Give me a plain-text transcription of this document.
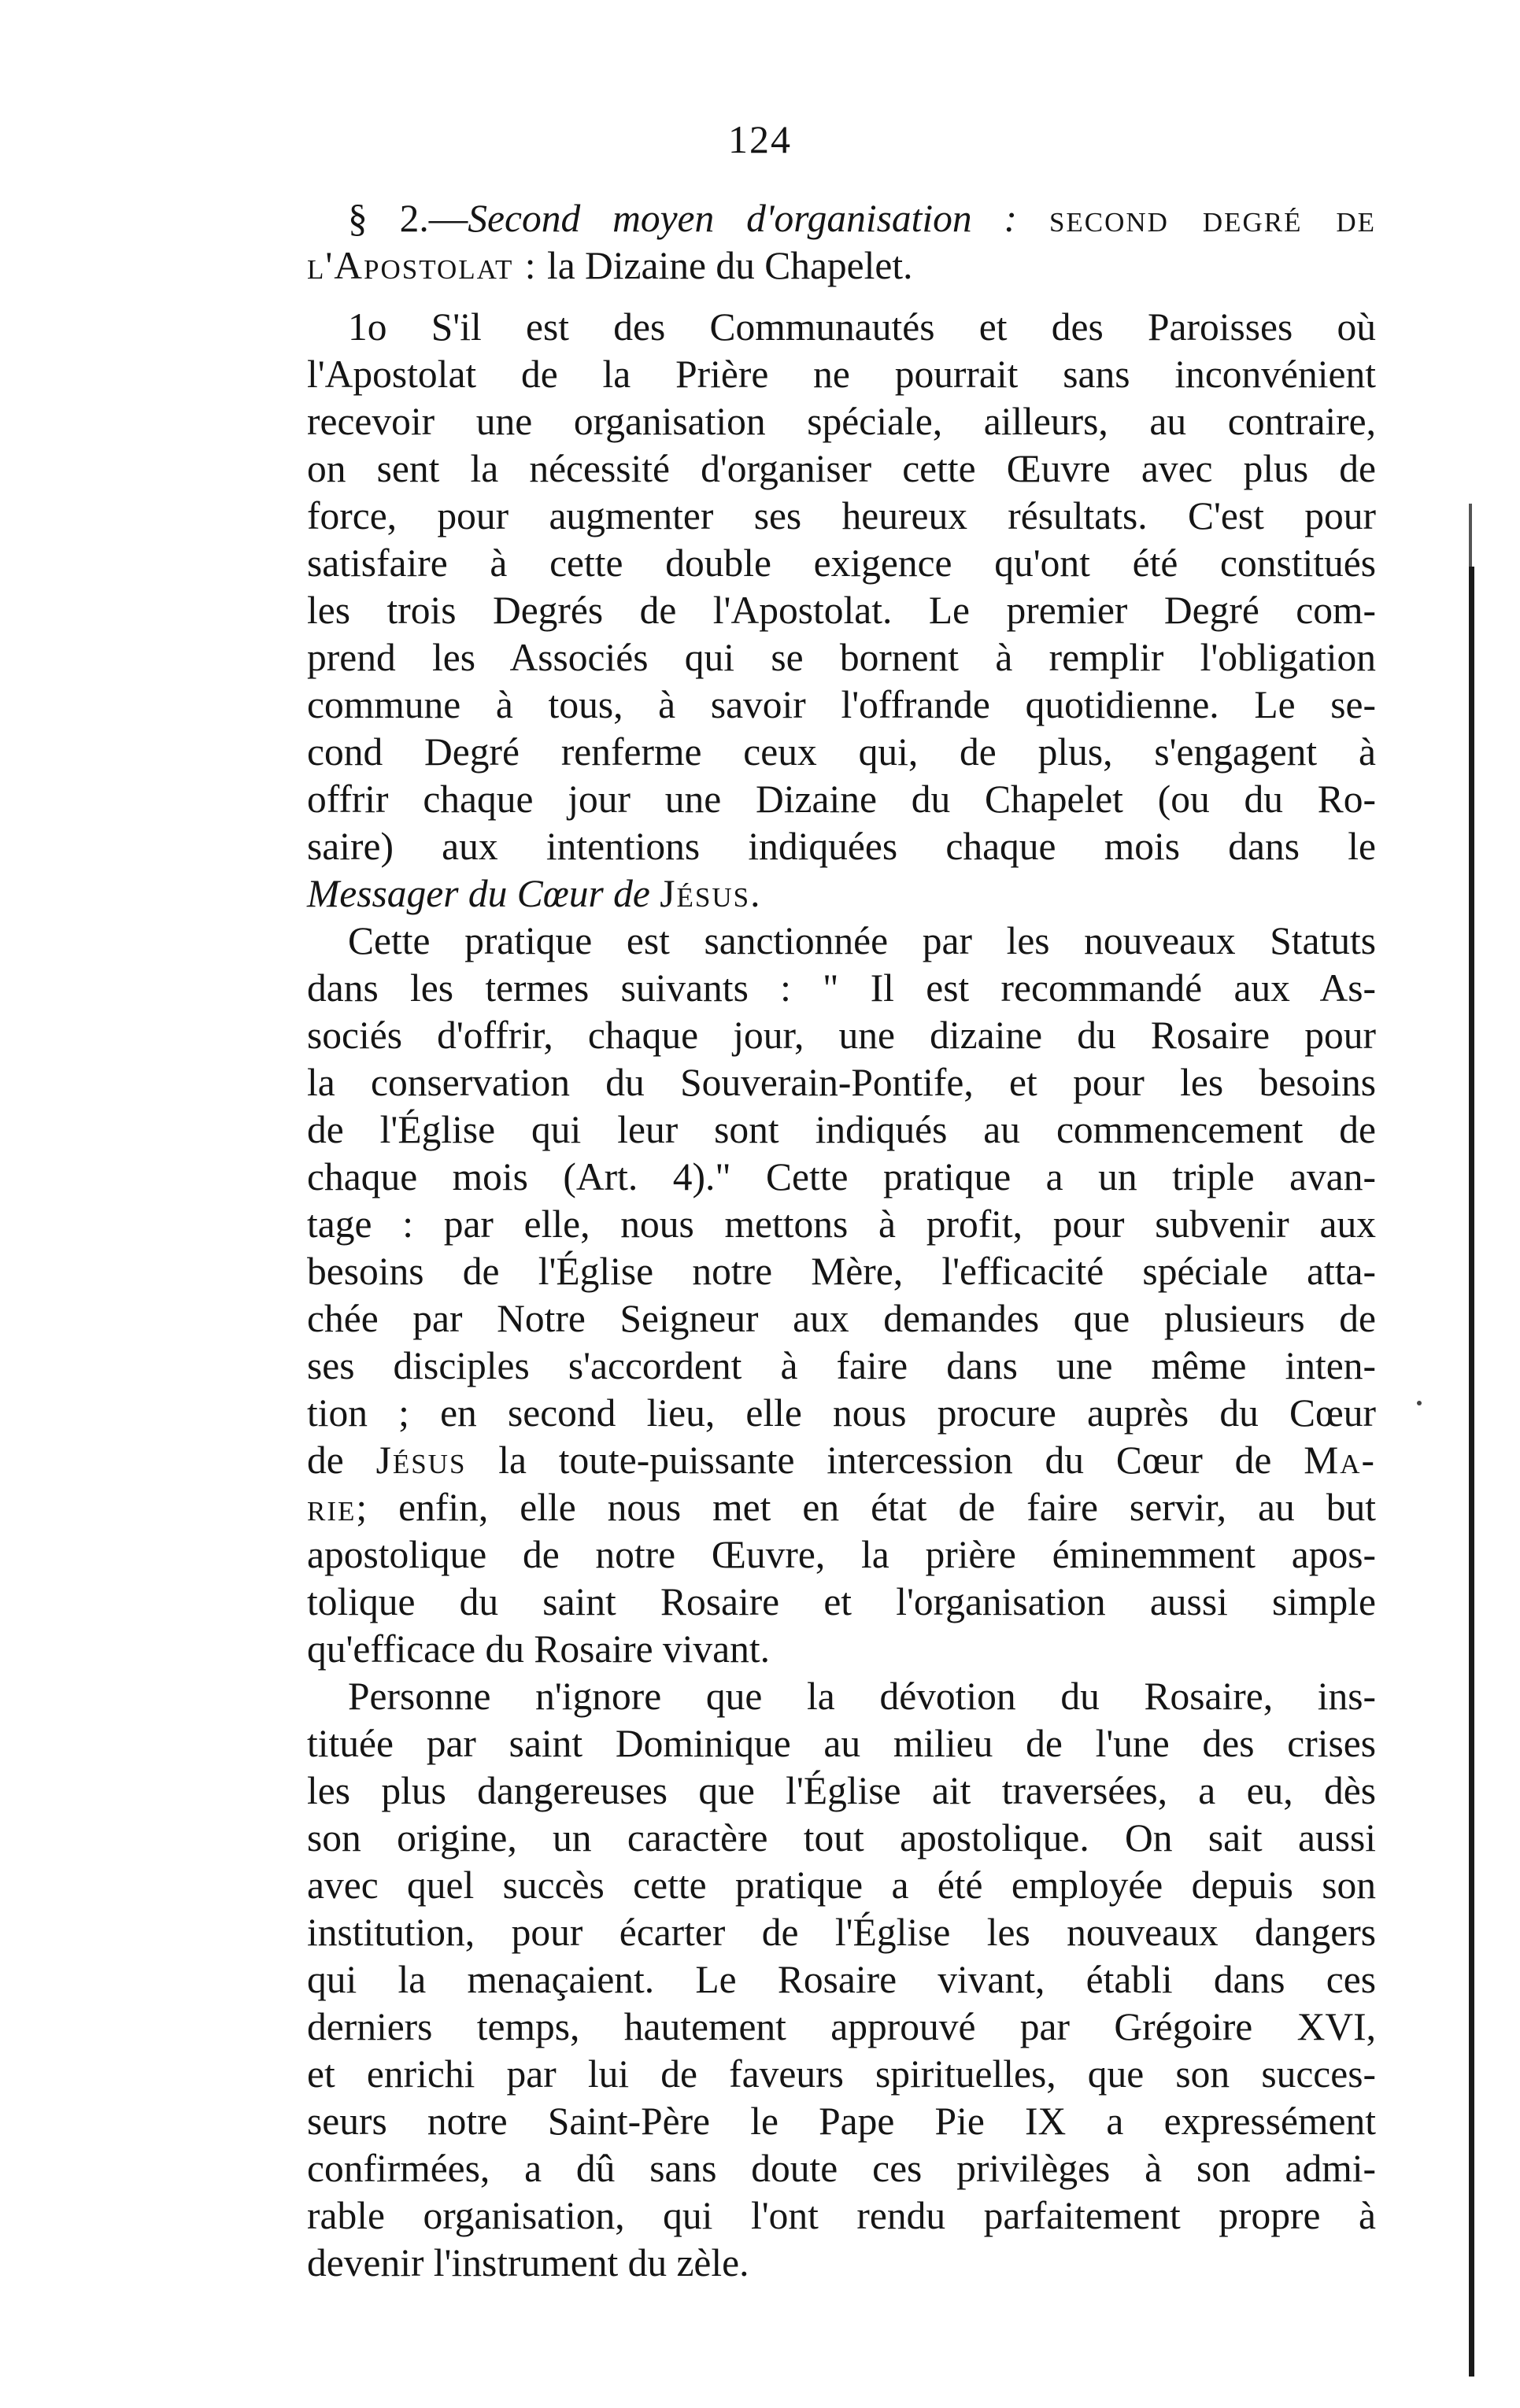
124
§ 2.—Second moyen d'organisation : second degré de
l'Apostolat : la Dizaine du Chapelet.
1o S'il est des Communautés et des Paroisses où
l'Apostolat de la Prière ne pourrait sans inconvénient
recevoir une organisation spéciale, ailleurs, au contraire,
on sent la nécessité d'organiser cette Œuvre avec plus de
force, pour augmenter ses heureux résultats. C'est pour
satisfaire à cette double exigence qu'ont été constitués
les trois Degrés de l'Apostolat. Le premier Degré com-
prend les Associés qui se bornent à remplir l'obligation
commune à tous, à savoir l'offrande quotidienne. Le se-
cond Degré renferme ceux qui, de plus, s'engagent à
offrir chaque jour une Dizaine du Chapelet (ou du Ro-
saire) aux intentions indiquées chaque mois dans le
Messager du Cœur de Jésus.
Cette pratique est sanctionnée par les nouveaux Statuts
dans les termes suivants : " Il est recommandé aux As-
sociés d'offrir, chaque jour, une dizaine du Rosaire pour
la conservation du Souverain-Pontife, et pour les besoins
de l'Église qui leur sont indiqués au commencement de
chaque mois (Art. 4)." Cette pratique a un triple avan-
tage : par elle, nous mettons à profit, pour subvenir aux
besoins de l'Église notre Mère, l'efficacité spéciale atta-
chée par Notre Seigneur aux demandes que plusieurs de
ses disciples s'accordent à faire dans une même inten-
tion ; en second lieu, elle nous procure auprès du Cœur
de Jésus la toute-puissante intercession du Cœur de Ma-
rie; enfin, elle nous met en état de faire servir, au but
apostolique de notre Œuvre, la prière éminemment apos-
tolique du saint Rosaire et l'organisation aussi simple
qu'efficace du Rosaire vivant.
Personne n'ignore que la dévotion du Rosaire, ins-
tituée par saint Dominique au milieu de l'une des crises
les plus dangereuses que l'Église ait traversées, a eu, dès
son origine, un caractère tout apostolique. On sait aussi
avec quel succès cette pratique a été employée depuis son
institution, pour écarter de l'Église les nouveaux dangers
qui la menaçaient. Le Rosaire vivant, établi dans ces
derniers temps, hautement approuvé par Grégoire XVI,
et enrichi par lui de faveurs spirituelles, que son succes-
seurs notre Saint-Père le Pape Pie IX a expressément
confirmées, a dû sans doute ces privilèges à son admi-
rable organisation, qui l'ont rendu parfaitement propre à
devenir l'instrument du zèle.
